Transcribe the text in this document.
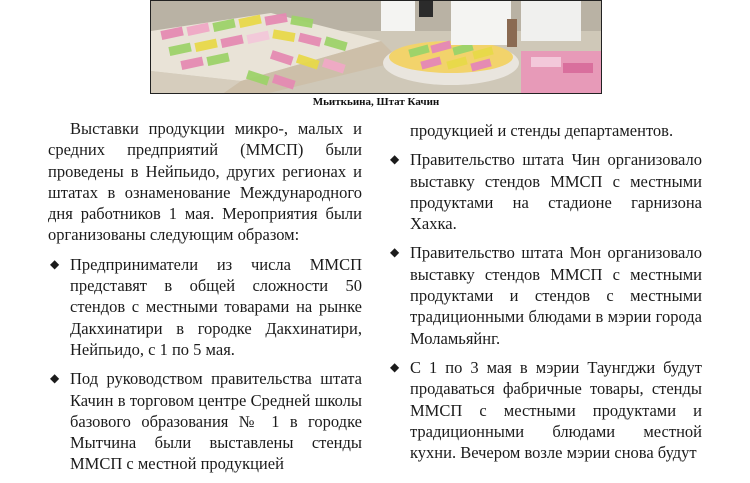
Мьиткьина, Штат Качин

Выставки продукции микро-, малых и средних предприятий (ММСП) были проведены в Нейпьидо, других регионах и штатах в ознаменование Международного дня работников 1 мая. Мероприятия были организованы следующим образом:

◆ Предприниматели из числа ММСП представят в общей сложности 50 стендов с местными товарами на рынке Дакхинатири в городке Дакхинатири, Нейпьидо, с 1 по 5 мая.
◆ Под руководством правительства штата Качин в торговом центре Средней школы базового образования № 1 в городке Мытчина были выставлены стенды ММСП с местной продукцией

продукцией и стенды департаментов.

◆ Правительство штата Чин организовало выставку стендов ММСП с местными продуктами на стадионе гарнизона Хахка.
◆ Правительство штата Мон организовало выставку стендов ММСП с местными продуктами и стендов с местными традиционными блюдами в мэрии города Моламьяйнг.
◆ С 1 по 3 мая в мэрии Таунгджи будут продаваться фабричные товары, стенды ММСП с местными продуктами и традиционными блюдами местной кухни. Вечером возле мэрии снова будут
